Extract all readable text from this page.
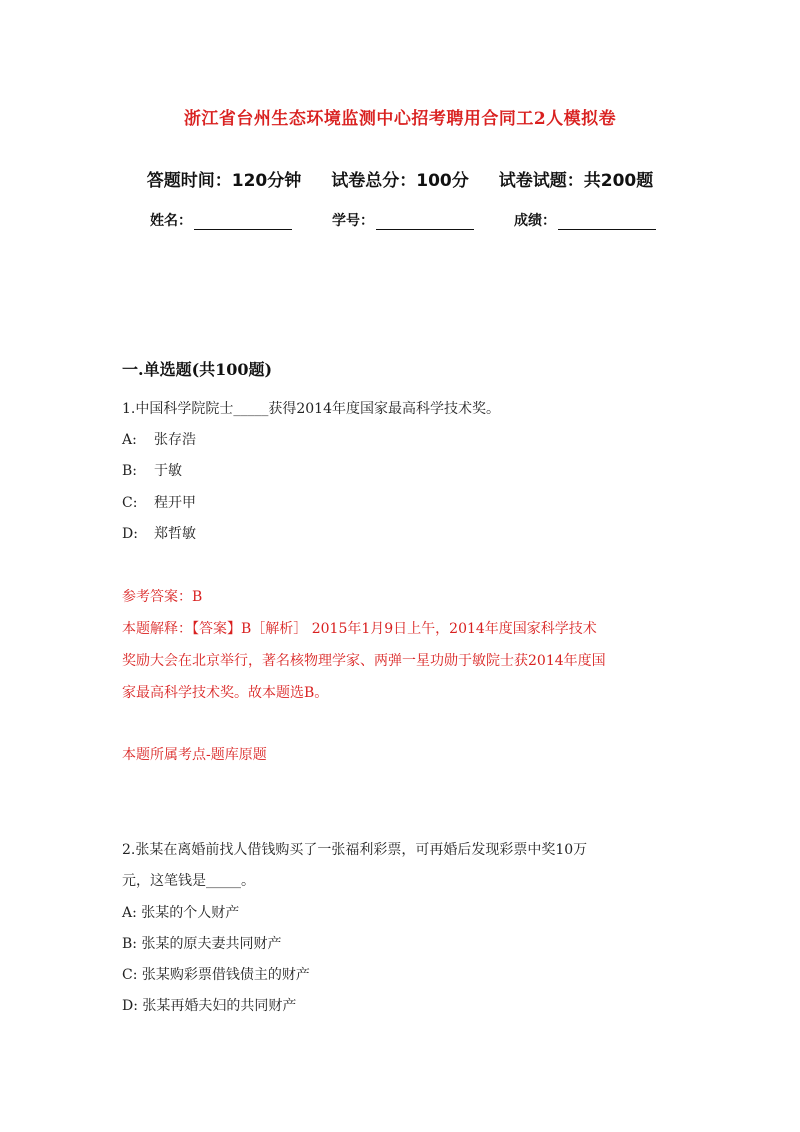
浙江省台州生态环境监测中心招考聘用合同工2人模拟卷
答题时间：120分钟 试卷总分：100分 试卷试题：共200题
姓名：	学号：	成绩：
一.单选题(共100题)
1.中国科学院院士_____获得2014年度国家最高科学技术奖。
A: 张存浩
B: 于敏
C: 程开甲
D: 郑哲敏
参考答案：B
本题解释：【答案】B［解析］ 2015年1月9日上午，2014年度国家科学技术
奖励大会在北京举行，著名核物理学家、两弹一星功勋于敏院士获2014年度国
家最高科学技术奖。故本题选B。
本题所属考点-题库原题
2.张某在离婚前找人借钱购买了一张福利彩票，可再婚后发现彩票中奖10万
元，这笔钱是_____。
A: 张某的个人财产
B: 张某的原夫妻共同财产
C: 张某购彩票借钱债主的财产
D: 张某再婚夫妇的共同财产
